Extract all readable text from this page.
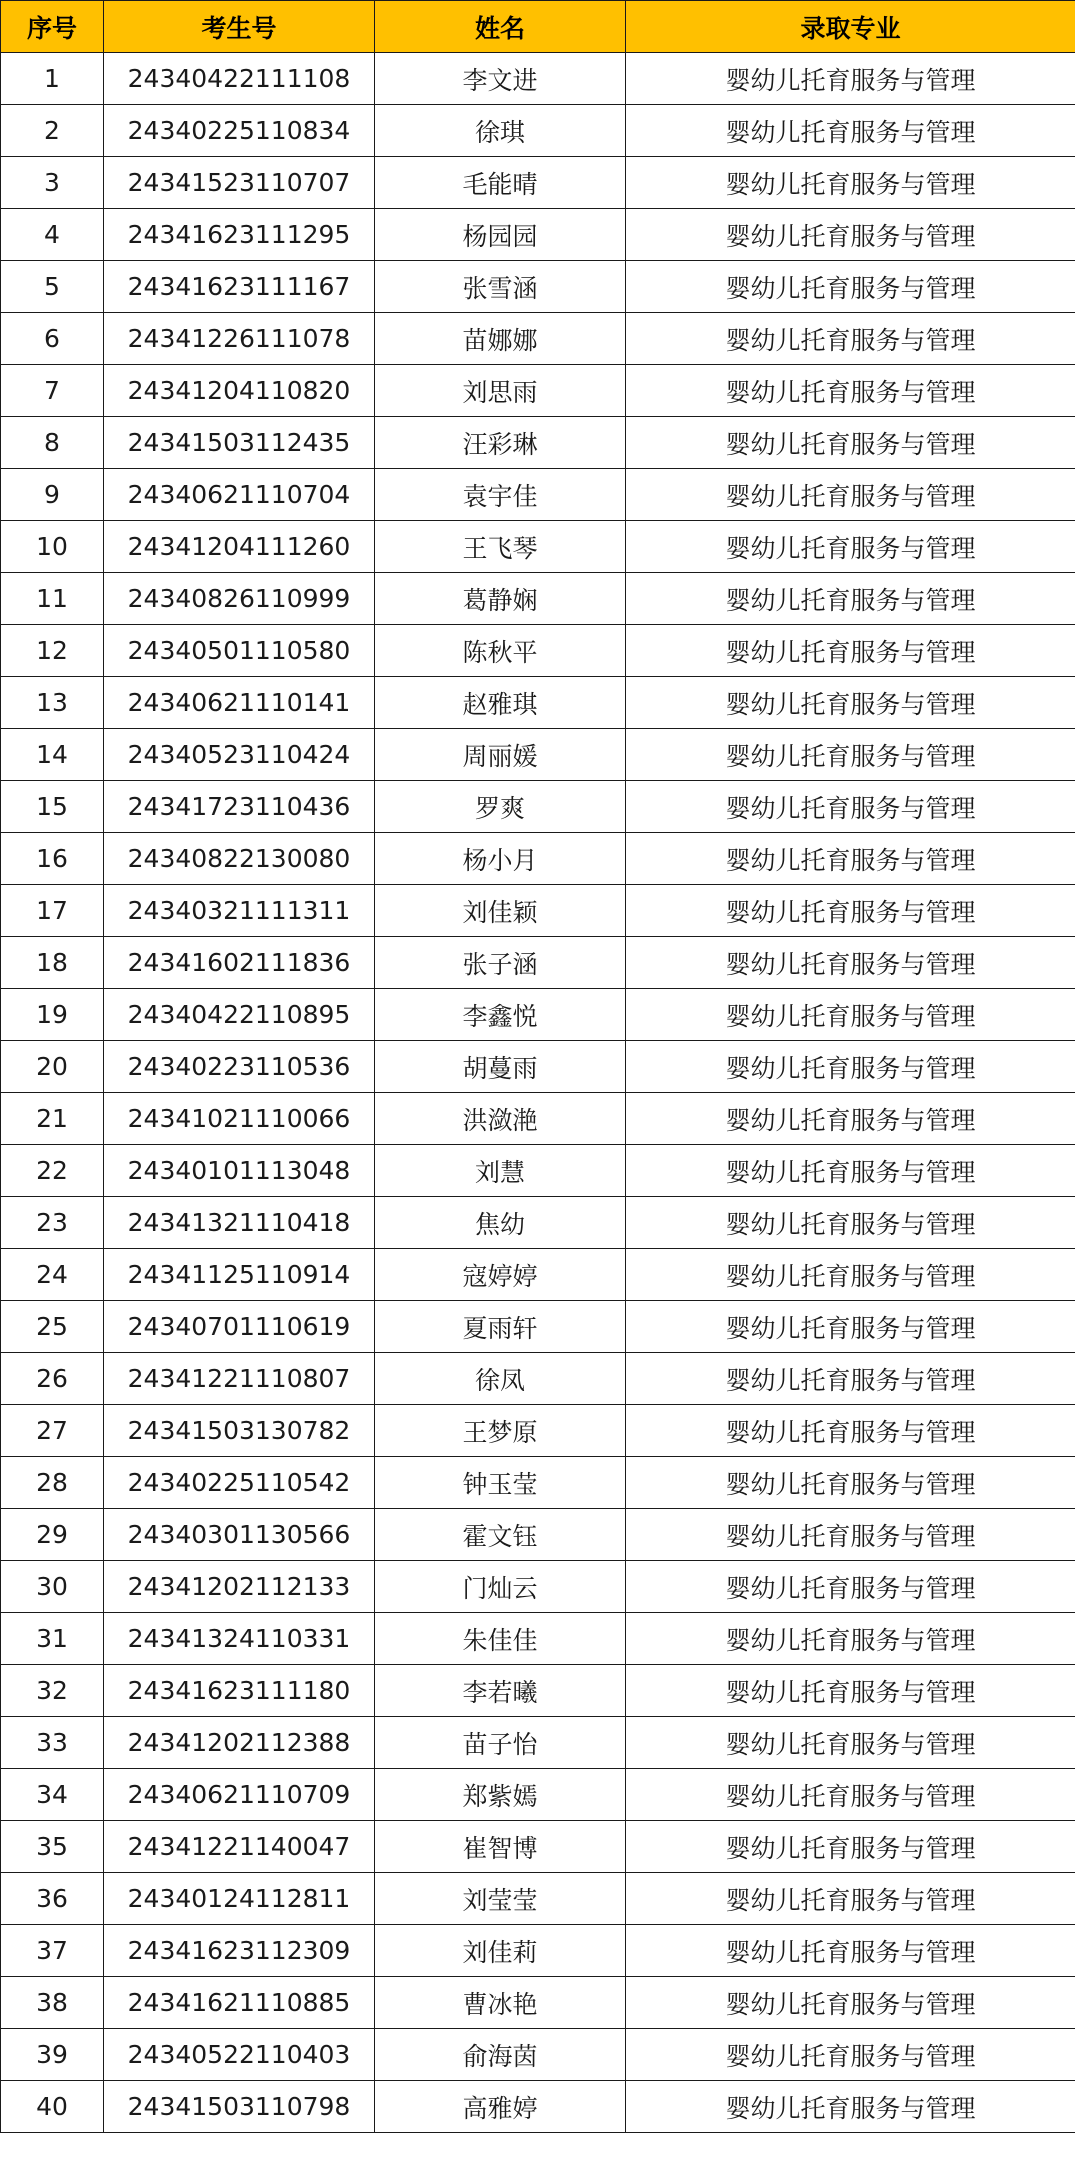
序号	考生号	姓名	录取专业
1	24340422111108	李文进	婴幼儿托育服务与管理
2	24340225110834	徐琪	婴幼儿托育服务与管理
3	24341523110707	毛能晴	婴幼儿托育服务与管理
4	24341623111295	杨园园	婴幼儿托育服务与管理
5	24341623111167	张雪涵	婴幼儿托育服务与管理
6	24341226111078	苗娜娜	婴幼儿托育服务与管理
7	24341204110820	刘思雨	婴幼儿托育服务与管理
8	24341503112435	汪彩琳	婴幼儿托育服务与管理
9	24340621110704	袁宇佳	婴幼儿托育服务与管理
10	24341204111260	王飞琴	婴幼儿托育服务与管理
11	24340826110999	葛静娴	婴幼儿托育服务与管理
12	24340501110580	陈秋平	婴幼儿托育服务与管理
13	24340621110141	赵雅琪	婴幼儿托育服务与管理
14	24340523110424	周丽媛	婴幼儿托育服务与管理
15	24341723110436	罗爽	婴幼儿托育服务与管理
16	24340822130080	杨小月	婴幼儿托育服务与管理
17	24340321111311	刘佳颖	婴幼儿托育服务与管理
18	24341602111836	张子涵	婴幼儿托育服务与管理
19	24340422110895	李鑫悦	婴幼儿托育服务与管理
20	24340223110536	胡蔓雨	婴幼儿托育服务与管理
21	24341021110066	洪潋滟	婴幼儿托育服务与管理
22	24340101113048	刘慧	婴幼儿托育服务与管理
23	24341321110418	焦幼	婴幼儿托育服务与管理
24	24341125110914	寇婷婷	婴幼儿托育服务与管理
25	24340701110619	夏雨轩	婴幼儿托育服务与管理
26	24341221110807	徐凤	婴幼儿托育服务与管理
27	24341503130782	王梦原	婴幼儿托育服务与管理
28	24340225110542	钟玉莹	婴幼儿托育服务与管理
29	24340301130566	霍文钰	婴幼儿托育服务与管理
30	24341202112133	门灿云	婴幼儿托育服务与管理
31	24341324110331	朱佳佳	婴幼儿托育服务与管理
32	24341623111180	李若曦	婴幼儿托育服务与管理
33	24341202112388	苗子怡	婴幼儿托育服务与管理
34	24340621110709	郑紫嫣	婴幼儿托育服务与管理
35	24341221140047	崔智博	婴幼儿托育服务与管理
36	24340124112811	刘莹莹	婴幼儿托育服务与管理
37	24341623112309	刘佳莉	婴幼儿托育服务与管理
38	24341621110885	曹冰艳	婴幼儿托育服务与管理
39	24340522110403	俞海茵	婴幼儿托育服务与管理
40	24341503110798	高雅婷	婴幼儿托育服务与管理
